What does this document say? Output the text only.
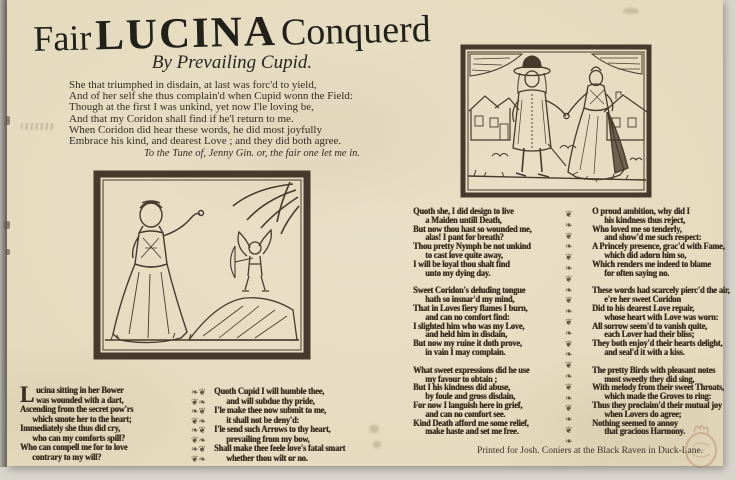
Fair LUCINA Conquerd
By Prevailing Cupid.
She that triumphed in disdain, at last was forc'd to yield,
And of her self she thus complain'd when Cupid wonn the Field:
Though at the first I was unkind, yet now I'le loving be,
And that my Coridon shall find if he'l return to me.
When Coridon did hear these words, he did most joyfully
Embrace his kind, and dearest Love ; and they did both agree.
To the Tune of, Jenny Gin. or, the fair one let me in.
L ucina sitting in her Bower
was wounded with a dart,
Ascending from the secret pow'rs
which smote her to the heart;
Immediately she thus did cry,
who can my comforts spill?
Who can compell me for to love
contrary to my will?
❧❦
❦❧
❧❦
❦❧
❧❦
❦❧
❧❦
❦❧
Quoth Cupid I will humble thee,
and will subdue thy pride,
I'le make thee now submit to me,
it shall not be deny'd:
I'le send such Arrows to thy heart,
prevailing from my bow,
Shall make thee feele love's fatal smart
whether thou wilt or no.
Quoth she, I did design to live
a Maiden untill Death,
But now thou hast so wounded me,
alas! I pant for breath?
Thou pretty Nymph be not unkind
to cast love quite away,
I will be loyal thou shalt find
unto my dying day.
Sweet Coridon's deluding tongue
hath so insnar'd my mind,
That in Loves fiery flames I burn,
and can no comfort find:
I slighted him who was my Love,
and held him in disdain,
But now my ruine it doth prove,
in vain I may complain.
What sweet expressions did he use
my favour to obtain ;
But I his kindness did abuse,
by foule and gross disdain,
For now I languish here in grief,
and can no comfort see.
Kind Death afford me some relief,
make haste and set me free.
❦
❧
❦
❧
❦
❧
❦
❧
❦
❧
❦
❧
❦
❧
❦
❧
❦
❧
❦
❧
❦
❧
O proud ambition, why did I
his kindness thus reject,
Who loved me so tenderly,
and show'd me such respect:
A Princely presence, grac'd with Fame,
which did adorn him so,
Which renders me indeed to blame
for often saying no.
These words had scarcely pierc'd the air,
e're her sweet Coridon
Did to his dearest Love repair,
whose heart with Love was worn:
All sorrow seem'd to vanish quite,
each Lover had their bliss;
They both enjoy'd their hearts delight,
and seal'd it with a kiss.
The pretty Birds with pleasant notes
most sweetly they did sing,
With melody from their sweet Throats,
which made the Groves to ring:
Thus they proclaim'd their mutual joy
when Lovers do agree;
Nothing seemed to annoy
that gracious Harmony.
Printed for Josh. Coniers at the Black Raven in Duck-Lane.
